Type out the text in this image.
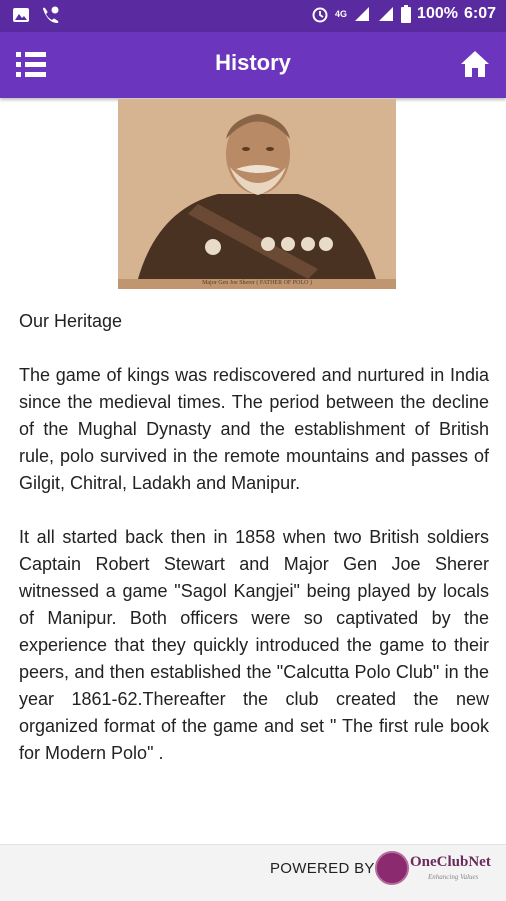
4G	100% 6:07
History
Major Gen Joe Sherer ( FATHER OF POLO )

Our Heritage

The game of kings was rediscovered and nurtured in India since the medieval times. The period between the decline of the Mughal Dynasty and the establishment of British rule, polo survived in the remote mountains and passes of Gilgit, Chitral, Ladakh and Manipur.

It all started back then in 1858 when two British soldiers Captain Robert Stewart and Major Gen Joe Sherer witnessed a game "Sagol Kangjei" being played by locals of Manipur. Both officers were so captivated by the experience that they quickly introduced the game to their peers, and then established the "Calcutta Polo Club" in the year 1861-62.Thereafter the club created the new organized format of the game and set " The first rule book for Modern Polo" .

POWERED BY OneClubNet
Enhancing Values
